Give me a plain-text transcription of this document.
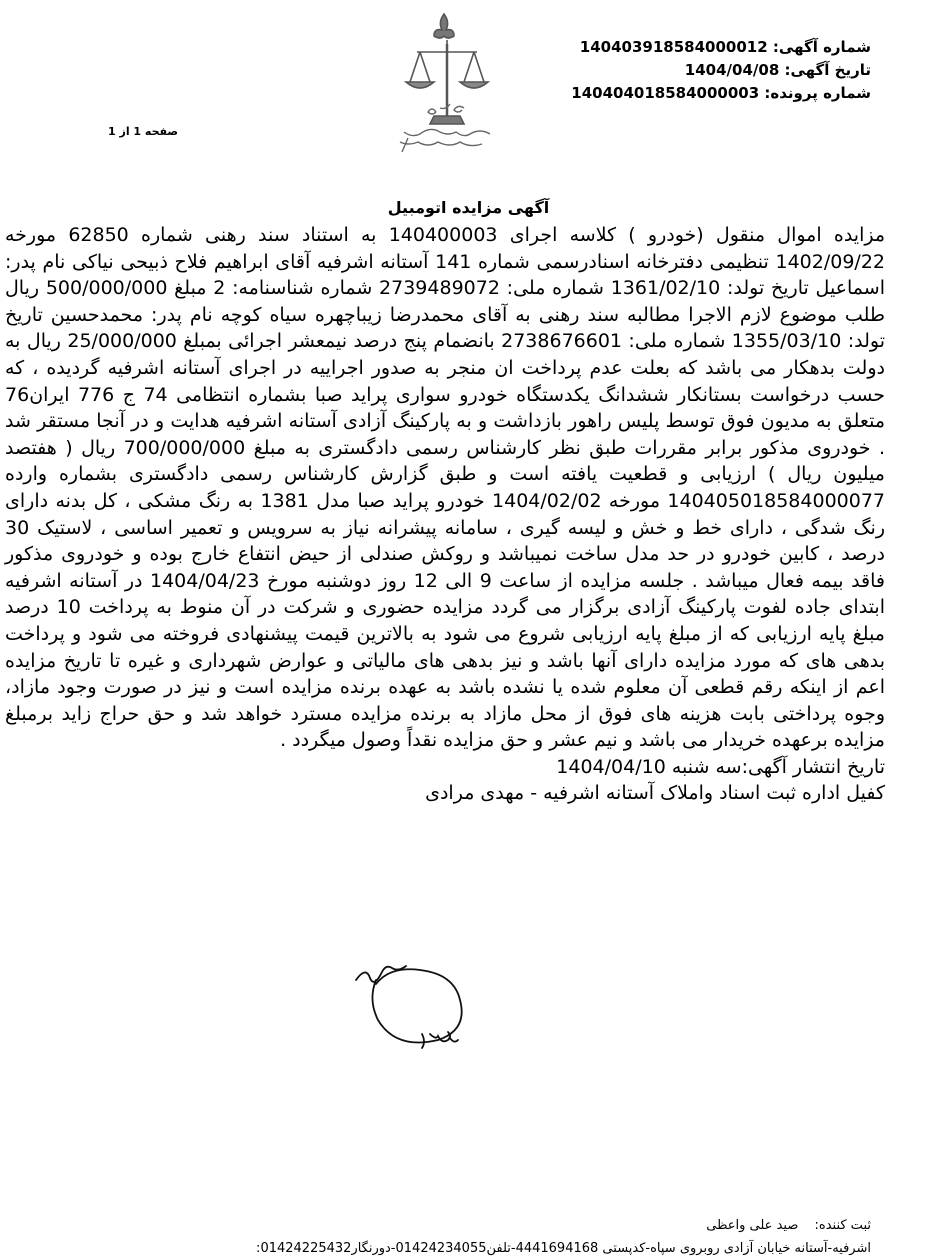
شماره آگهی: 14040391858400001​2
تاریخ آگهی: 1404/04/08
شماره پرونده: 14040401858400000​3
صفحه 1 از 1
آگهی مزایده اتومبیل

مزایده اموال منقول (خودرو ) کلاسه اجرای 140400003 به استناد سند رهنی شماره 62850 مورخه 1402/09/22 تنظیمی دفترخانه اسنادرسمی شماره 141 آستانه اشرفیه آقای ابراهیم فلاح ذبیحی نیاکی نام پدر: اسماعیل تاریخ تولد: 1361/02/10 شماره ملی: 2739489072 شماره شناسنامه: 2 مبلغ 500/000/000 ریال طلب موضوع لازم الاجرا مطالبه سند رهنی به آقای محمدرضا زیباچهره سیاه کوچه نام پدر: محمدحسین تاریخ تولد: 1355/03/10 شماره ملی: 2738676601 بانضمام پنج درصد نیمعشر اجرائی بمبلغ 25/000/000 ریال به دولت بدهکار می باشد که بعلت عدم پرداخت ان منجر به صدور اجراییه در اجرای آستانه اشرفیه گردیده ، که حسب درخواست بستانکار ششدانگ یکدستگاه خودرو سواری پراید صبا بشماره انتظامی 74 ج 776 ایران76 متعلق به مدیون فوق توسط پلیس راهور بازداشت و به پارکینگ آزادی آستانه اشرفیه هدایت و در آنجا مستقر شد . خودروی مذکور برابر مقررات طبق نظر کارشناس رسمی دادگستری به مبلغ 700/000/000 ریال ( هفتصد میلیون ریال ) ارزیابی و قطعیت یافته است و طبق گزارش کارشناس رسمی دادگستری بشماره وارده 140405018584000077 مورخه 1404/02/02 خودرو پراید صبا مدل 1381 به رنگ مشکی ، کل بدنه دارای رنگ شدگی ، دارای خط و خش و لیسه گیری ، سامانه پیشرانه نیاز به سرویس و تعمیر اساسی ، لاستیک 30 درصد ، کابین خودرو در حد مدل ساخت نمیباشد و روکش صندلی از حیض انتفاع خارج بوده و خودروی مذکور فاقد بیمه فعال میباشد . جلسه مزایده از ساعت 9 الی 12 روز دوشنبه مورخ 1404/04/23 در آستانه اشرفیه ابتدای جاده لفوت پارکینگ آزادی برگزار می گردد مزایده حضوری و شرکت در آن منوط به پرداخت 10 درصد مبلغ پایه ارزیابی که از مبلغ پایه ارزیابی شروع می شود به بالاترین قیمت پیشنهادی فروخته می شود و پرداخت بدهی های که مورد مزایده دارای آنها باشد و نیز بدهی های مالیاتی و عوارض شهرداری و غیره تا تاریخ مزایده اعم از اینکه رقم قطعی آن معلوم شده یا نشده باشد به عهده برنده مزایده است و نیز در صورت وجود مازاد، وجوه پرداختی بابت هزینه های فوق از محل مازاد به برنده مزایده مسترد خواهد شد و حق حراج زاید برمبلغ مزایده برعهده خریدار می باشد و نیم عشر و حق مزایده نقداً وصول میگردد .

تاریخ انتشار آگهی:سه شنبه 1404/04/10

کفیل اداره ثبت اسناد واملاک آستانه اشرفیه - مهدی مرادی

ثبت کننده: صید علی واعظی
اشرفیه-آستانه خیابان آزادی روبروی سپاه-کدپستی 4441694168-تلفن01424234055-دورنگار01424225432:
